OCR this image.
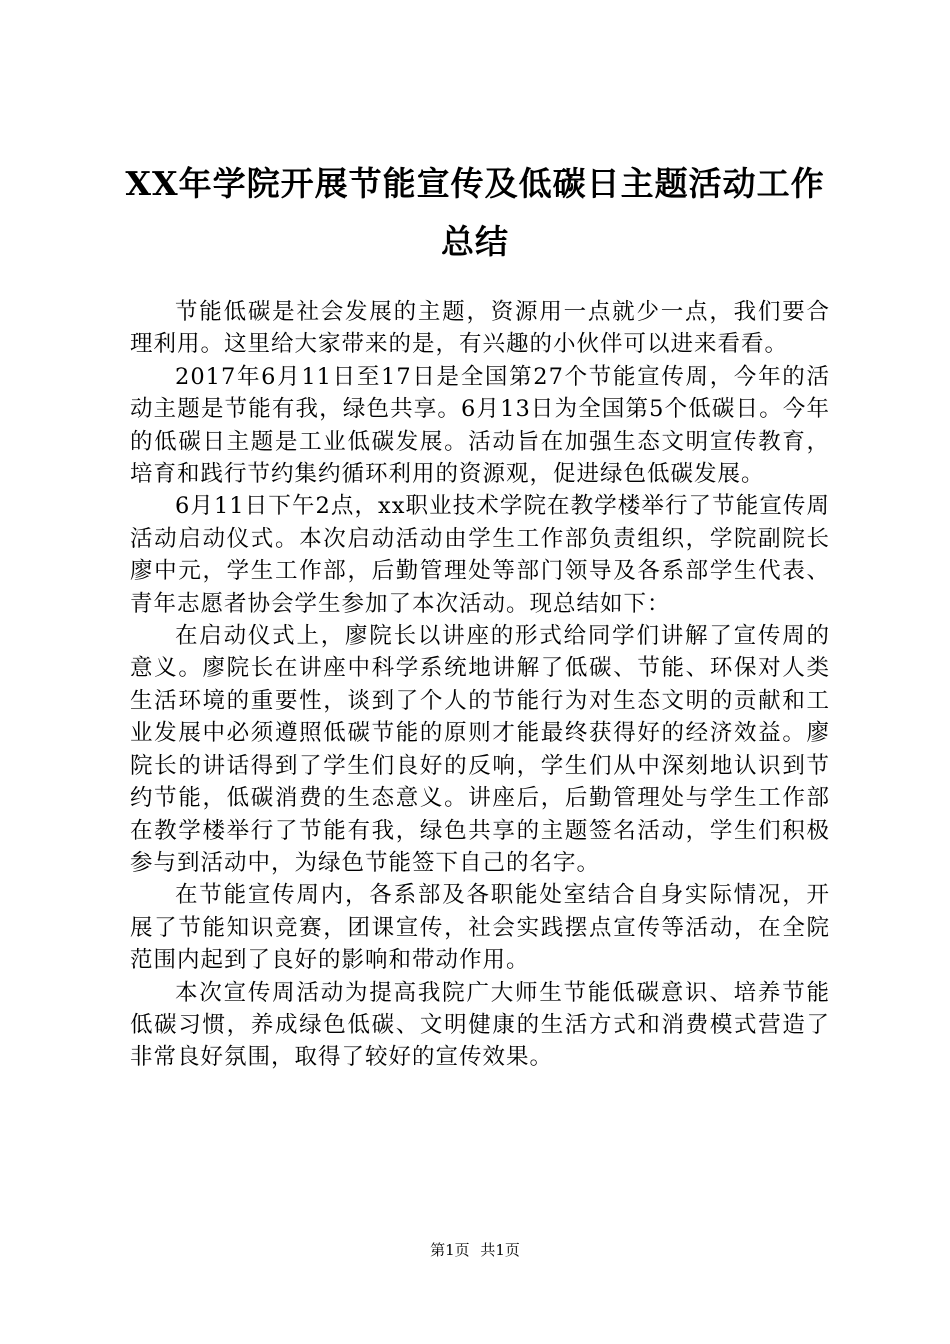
XX年学院开展节能宣传及低碳日主题活动工作总结

节能低碳是社会发展的主题，资源用一点就少一点，我们要合理利用。这里给大家带来的是，有兴趣的小伙伴可以进来看看。

2017年6月11日至17日是全国第27个节能宣传周，今年的活动主题是节能有我，绿色共享。6月13日为全国第5个低碳日。今年的低碳日主题是工业低碳发展。活动旨在加强生态文明宣传教育，培育和践行节约集约循环利用的资源观，促进绿色低碳发展。

6月11日下午2点，xx职业技术学院在教学楼举行了节能宣传周活动启动仪式。本次启动活动由学生工作部负责组织，学院副院长廖中元，学生工作部，后勤管理处等部门领导及各系部学生代表、青年志愿者协会学生参加了本次活动。现总结如下：

在启动仪式上，廖院长以讲座的形式给同学们讲解了宣传周的意义。廖院长在讲座中科学系统地讲解了低碳、节能、环保对人类生活环境的重要性，谈到了个人的节能行为对生态文明的贡献和工业发展中必须遵照低碳节能的原则才能最终获得好的经济效益。廖院长的讲话得到了学生们良好的反响，学生们从中深刻地认识到节约节能，低碳消费的生态意义。讲座后，后勤管理处与学生工作部在教学楼举行了节能有我，绿色共享的主题签名活动，学生们积极参与到活动中，为绿色节能签下自己的名字。

在节能宣传周内，各系部及各职能处室结合自身实际情况，开展了节能知识竞赛，团课宣传，社会实践摆点宣传等活动，在全院范围内起到了良好的影响和带动作用。

本次宣传周活动为提高我院广大师生节能低碳意识、培养节能低碳习惯，养成绿色低碳、文明健康的生活方式和消费模式营造了非常良好氛围，取得了较好的宣传效果。

第1页 共1页
